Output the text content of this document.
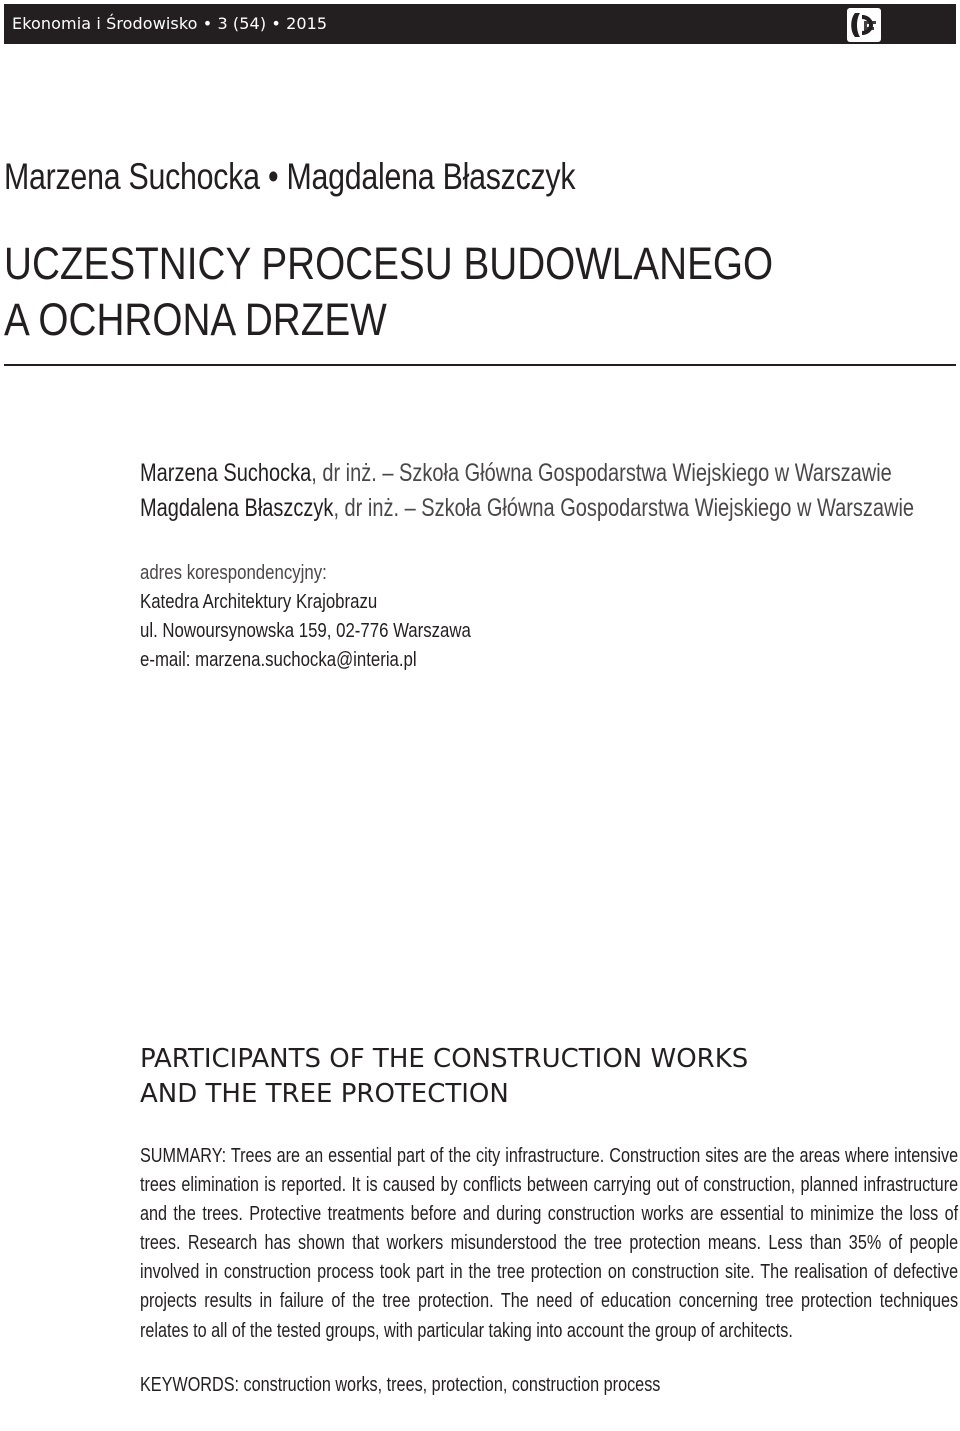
Ekonomia i Środowisko • 3 (54) • 2015
Marzena Suchocka • Magdalena Błaszczyk
UCZESTNICY PROCESU BUDOWLANEGO
A OCHRONA DRZEW
Marzena Suchocka, dr inż. – Szkoła Główna Gospodarstwa Wiejskiego w Warszawie
Magdalena Błaszczyk, dr inż. – Szkoła Główna Gospodarstwa Wiejskiego w Warszawie
adres korespondencyjny:
Katedra Architektury Krajobrazu
ul. Nowoursynowska 159, 02-776 Warszawa
e-mail: marzena.suchocka@interia.pl
PARTICIPANTS OF THE CONSTRUCTION WORKS
AND THE TREE PROTECTION

SUMMARY: Trees are an essential part of the city infrastructure. Construction sites are the areas where intensive trees elimination is reported. It is caused by conflicts between carrying out of construction, planned infrastructure and the trees. Protective treatments before and during construction works are essential to minimize the loss of trees. Research has shown that workers misunderstood the tree protection means. Less than 35% of people involved in construction process took part in the tree protection on construction site. The realisation of defective projects results in failure of the tree protection. The need of education concerning tree protection techniques relates to all of the tested groups, with particular taking into account the group of architects.

KEYWORDS: construction works, trees, protection, construction process
